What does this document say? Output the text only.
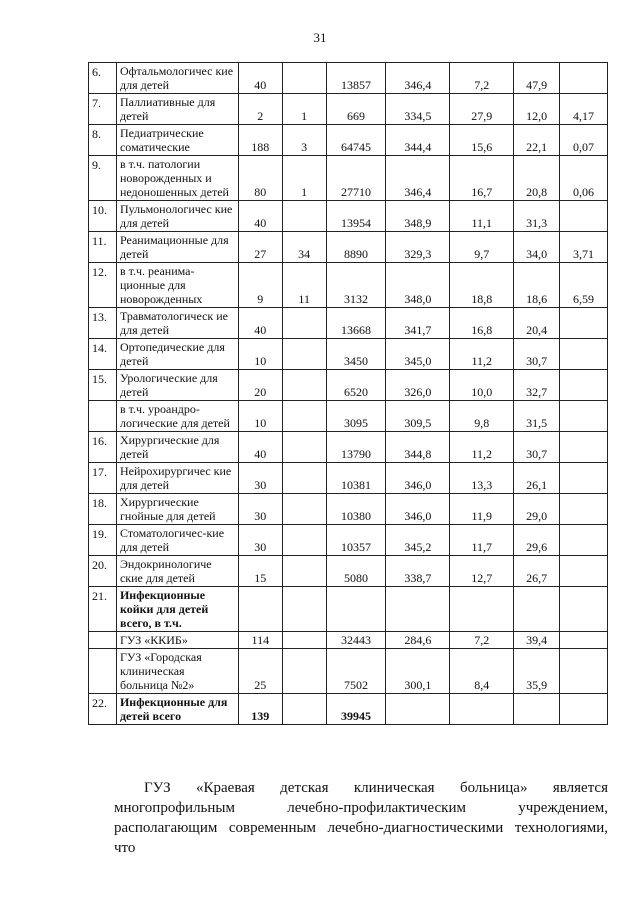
31
6.	Офтальмологичес кие для детей	40		13857	346,4	7,2	47,9	
7.	Паллиативные для детей	2	1	669	334,5	27,9	12,0	4,17
8.	Педиатрические соматические	188	3	64745	344,4	15,6	22,1	0,07
9.	в т.ч. патологии новорожденных и недоношенных детей	80	1	27710	346,4	16,7	20,8	0,06
10.	Пульмонологичес кие для детей	40		13954	348,9	11,1	31,3	
11.	Реанимационные для детей	27	34	8890	329,3	9,7	34,0	3,71
12.	в т.ч. реанима-ционные для новорожденных	9	11	3132	348,0	18,8	18,6	6,59
13.	Травматологическ ие для детей	40		13668	341,7	16,8	20,4	
14.	Ортопедические для детей	10		3450	345,0	11,2	30,7	
15.	Урологические для детей	20		6520	326,0	10,0	32,7	
	в т.ч. уроандро-логические для детей	10		3095	309,5	9,8	31,5	
16.	Хирургические для детей	40		13790	344,8	11,2	30,7	
17.	Нейрохирургичес кие для детей	30		10381	346,0	13,3	26,1	
18.	Хирургические гнойные для детей	30		10380	346,0	11,9	29,0	
19.	Стоматологичес-кие для детей	30		10357	345,2	11,7	29,6	
20.	Эндокринологиче ские для детей	15		5080	338,7	12,7	26,7	
21.	Инфекционные койки для детей всего, в т.ч.							
	ГУЗ «ККИБ»	114		32443	284,6	7,2	39,4	
	ГУЗ «Городская клиническая больница №2»	25		7502	300,1	8,4	35,9	
22.	Инфекционные для детей всего	139		39945				
ГУЗ «Краевая детская клиническая больница» является
многопрофильным лечебно-профилактическим учреждением,
располагающим современным лечебно-диагностическими технологиями, что
